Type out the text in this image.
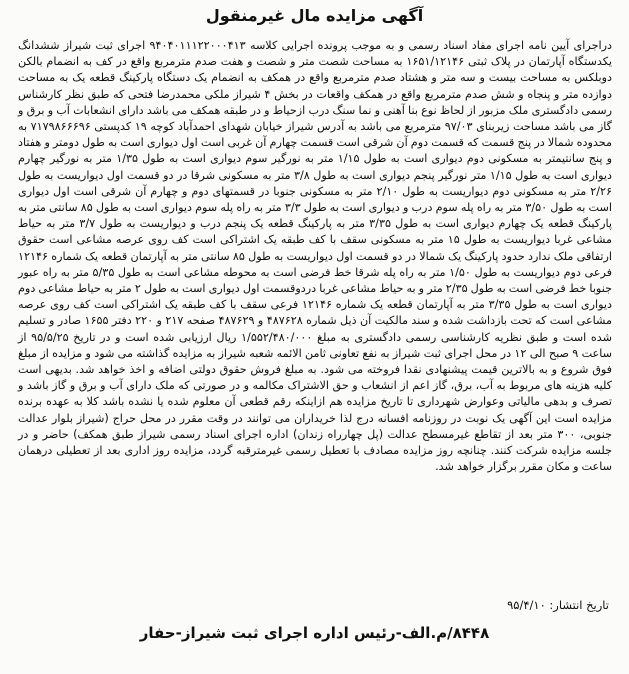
آگهی مزایده مال غیرمنقول
دراجرای آیین نامه اجرای مفاد اسناد رسمی و به موجب پرونده اجرایی کلاسه ۹۴۰۴۰۱۱۱۲۲۰۰۰۴۱۳ اجرای ثبت شیراز ششدانگ یکدستگاه آپارتمان در پلاک ثبتی ۱۶۵۱/۱۲۱۴۶ به مساحت شصت متر و شصت و هفت صدم مترمربع واقع در کف به انضمام بالکن دوبلکس به مساحت بیست و سه متر و هشتاد صدم مترمربع واقع در همکف به انضمام یک دستگاه پارکینگ قطعه یک به مساحت دوازده متر و پنجاه و شش صدم مترمربع واقع در همکف واقعات در بخش ۴ شیراز ملکی محمدرضا فتحی که طبق نظر کارشناس رسمی دادگستری ملک مزبور از لحاظ نوع بنا آهنی و نما سنگ درب ازحیاط و در طبقه همکف می باشد دارای انشعابات آب و برق و گاز می باشد مساحت زیربنای ۹۷/۰۳ مترمربع می باشد به آدرس شیراز خیابان شهدای احمدآباد کوچه ۱۹ کدپستی ۷۱۷۹۸۶۶۶۹۶ به محدوده شمالا در پنج قسمت که قسمت دوم آن شرقی است قسمت چهارم آن غربی است اول دیواری است به طول دومتر و هفتاد و پنج سانتیمتر به مسکونی دوم دیواری است به طول ۱/۱۵ متر به نورگیر سوم دیواری است به طول ۱/۳۵ متر به نورگیر چهارم دیواری است به طول ۱/۱۵ متر نورگیر پنجم دیواری است به طول ۳/۸ متر به مسکونی شرقا در دو قسمت اول دیواریست به طول ۲/۲۶ متر به مسکونی دوم دیواریست به طول ۲/۱۰ متر به مسکونی جنوبا در قسمتهای دوم و چهارم آن شرقی است اول دیواری است به طول ۳/۵۰ متر به راه پله سوم درب و دیواری است به طول ۳/۳ متر به راه پله سوم دیواری است به طول ۸۵ سانتی متر به پارکینگ قطعه یک چهارم دیواری است به طول ۳/۳۵ متر به پارکینگ قطعه یک پنجم درب و دیواریست به طول ۳/۷ متر به حیاط مشاعی غربا دیواریست به طول ۱۵ متر به مسکونی سقف با کف طبقه یک اشتراکی است کف روی عرصه مشاعی است حقوق ارتفاقی ملک ندارد حدود پارکینگ یک شمالا در دو قسمت اول دیواریست به طول ۸۵ سانتی متر به آپارتمان قطعه یک شماره ۱۲۱۴۶ فرعی دوم دیواریست به طول ۱/۵۰ متر به راه پله شرقا خط فرضی است به محوطه مشاعی است به طول ۵/۳۵ متر به راه عبور جنوبا خط فرضی است به طول ۲/۳۵ متر و به حیاط مشاعی غربا دردوقسمت اول دیواری است به طول ۲ متر به حیاط مشاعی دوم دیواری است به طول ۳/۳۵ متر به آپارتمان قطعه یک شماره ۱۲۱۴۶ فرعی سقف با کف طبقه یک اشتراکی است کف روی عرصه مشاعی است که تحت بازداشت شده و سند مالکیت آن ذیل شماره ۴۸۷۶۲۸ و ۴۸۷۶۲۹ صفحه ۲۱۷ و ۲۲۰ دفتر ۱۶۵۵ صادر و تسلیم شده است و طبق نظریه کارشناسی رسمی دادگستری به مبلغ ۱/۵۵۲/۴۸۰/۰۰۰ ریال ارزیابی شده است و در تاریخ ۹۵/۵/۲۵ از ساعت ۹ صبح الی ۱۲ در محل اجرای ثبت شیراز به نفع تعاونی ثامن الائمه شعبه شیراز به مزایده گذاشته می شود و مزایده از مبلغ فوق شروع و به بالاترین قیمت پیشنهادی نقدا فروخته می شود. به مبلغ فروش حقوق دولتی اضافه و اخذ خواهد شد. بدیهی است کلیه هزینه های مربوط به آب، برق، گاز اعم از انشعاب و حق الاشتراک مکالمه و در صورتی که ملک دارای آب و برق و گاز باشد و تصرف و بدهی مالیاتی وعوارض شهرداری تا تاریخ مزایده هم ازاینکه رقم قطعی آن معلوم شده یا نشده باشد کلا به عهده برنده مزایده است این آگهی یک نوبت در روزنامه افسانه درج لذا خریداران می توانند در وقت مقرر در محل حراج (شیراز بلوار عدالت جنوبی، ۳۰۰ متر بعد از تقاطع غیرمسطح عدالت (پل چهارراه زندان) اداره اجرای اسناد رسمی شیراز طبق همکف) حاضر و در جلسه مزایده شرکت کنند. چنانچه روز مزایده مصادف با تعطیل رسمی غیرمترقبه گردد، مزایده روز اداری بعد از تعطیلی درهمان ساعت و مکان مقرر برگزار خواهد شد.
تاریخ انتشار: ۹۵/۴/۱۰
۸۴۴۸/م.الف-رئیس اداره اجرای ثبت شیراز-حفار
